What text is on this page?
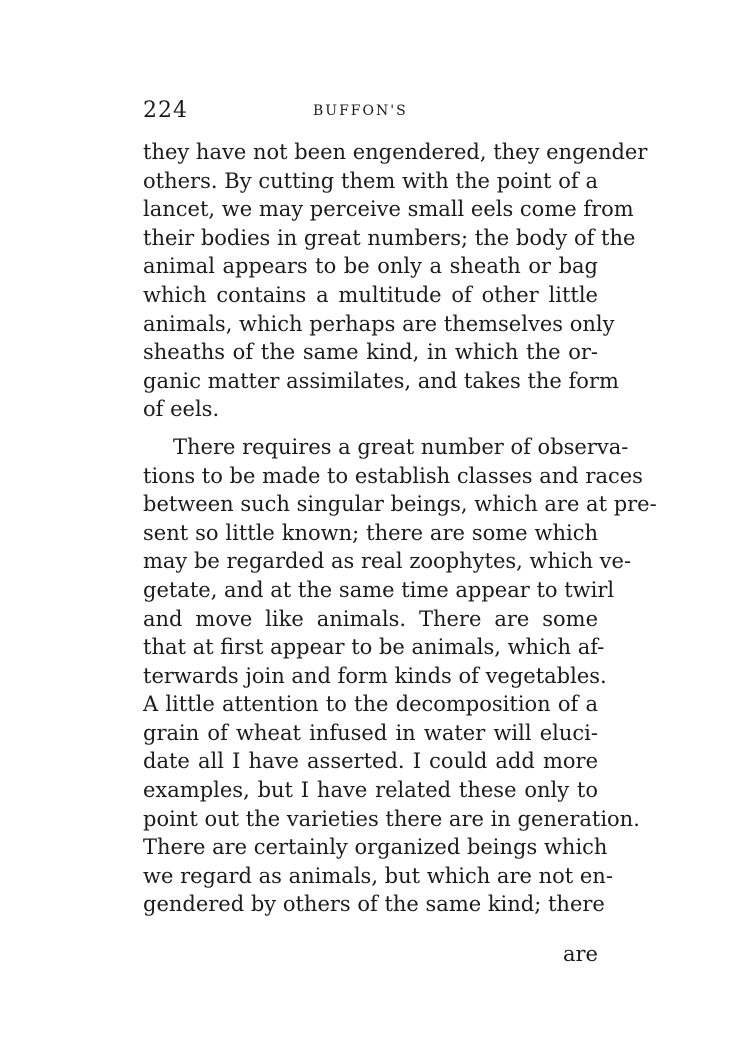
224	BUFFON'S
they have not been engendered, they engender
others. By cutting them with the point of a
lancet, we may perceive small eels come from
their bodies in great numbers; the body of the
animal appears to be only a sheath or bag
which contains a multitude of other little
animals, which perhaps are themselves only
sheaths of the same kind, in which the or-
ganic matter assimilates, and takes the form
of eels.
There requires a great number of observa-
tions to be made to establish classes and races
between such singular beings, which are at pre-
sent so little known; there are some which
may be regarded as real zoophytes, which ve-
getate, and at the same time appear to twirl
and move like animals. There are some
that at first appear to be animals, which af-
terwards join and form kinds of vegetables.
A little attention to the decomposition of a
grain of wheat infused in water will eluci-
date all I have asserted. I could add more
examples, but I have related these only to
point out the varieties there are in generation.
There are certainly organized beings which
we regard as animals, but which are not en-
gendered by others of the same kind; there
are
